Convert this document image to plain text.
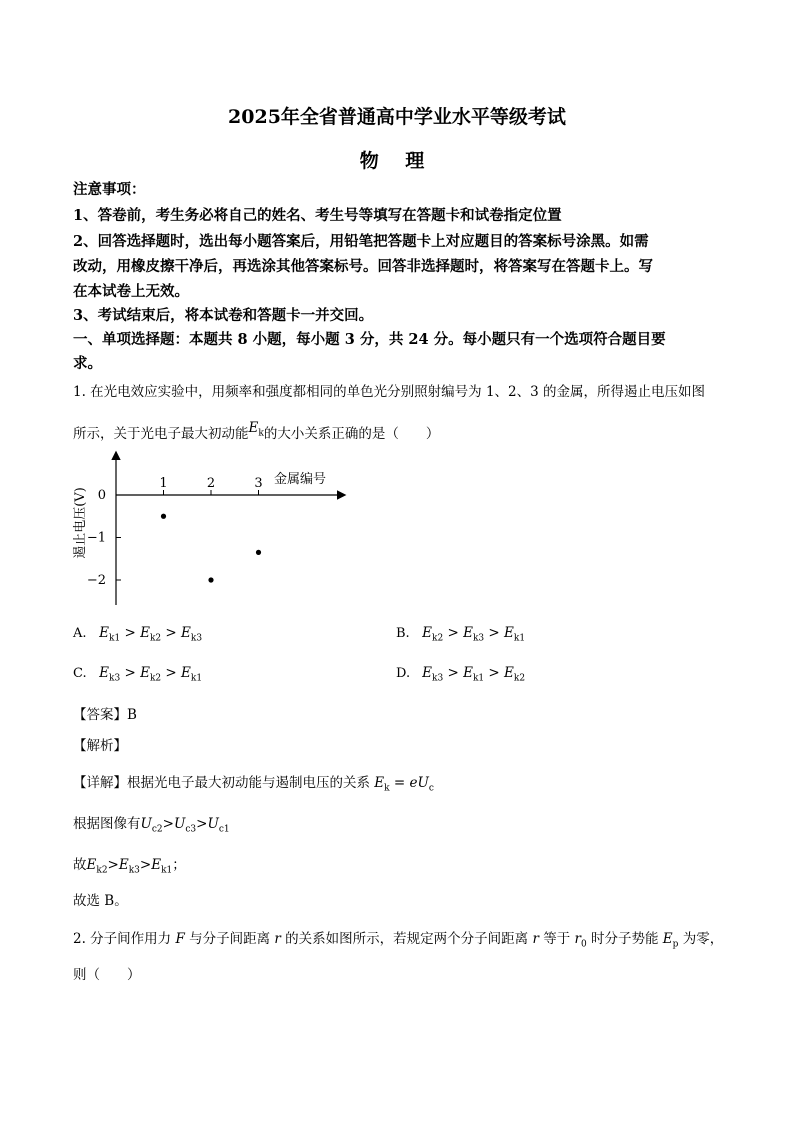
2025年全省普通高中学业水平等级考试
物 理
注意事项：
1、答卷前，考生务必将自己的姓名、考生号等填写在答题卡和试卷指定位置
2、回答选择题时，选出每小题答案后，用铅笔把答题卡上对应题目的答案标号涂黑。如需
改动，用橡皮擦干净后，再选涂其他答案标号。回答非选择题时，将答案写在答题卡上。写
在本试卷上无效。
3、考试结束后，将本试卷和答题卡一并交回。
一、单项选择题：本题共 8 小题，每小题 3 分，共 24 分。每小题只有一个选项符合题目要
求。
1. 在光电效应实验中，用频率和强度都相同的单色光分别照射编号为 1、2、3 的金属，所得遏止电压如图
所示，关于光电子最大初动能$E_k$的大小关系正确的是（　　）
0
−1
−2
1	2	3 金属编号
遏止电压(V)
A. $E_{k1} > E_{k2} > E_{k3}$	B. $E_{k2} > E_{k3} > E_{k1}$
C. $E_{k3} > E_{k2} > E_{k1}$	D. $E_{k3} > E_{k1} > E_{k2}$
【答案】B
【解析】
【详解】根据光电子最大初动能与遏制电压的关系 $E_k = eU_c$
根据图像有$U_{c2}>U_{c3}>U_{c1}$
故$E_{k2}>E_{k3}>E_{k1}$；
故选 B。
2. 分子间作用力 F 与分子间距离 r 的关系如图所示，若规定两个分子间距离 r 等于 $r_0$ 时分子势能 $E_p$ 为零，
则（　　）
